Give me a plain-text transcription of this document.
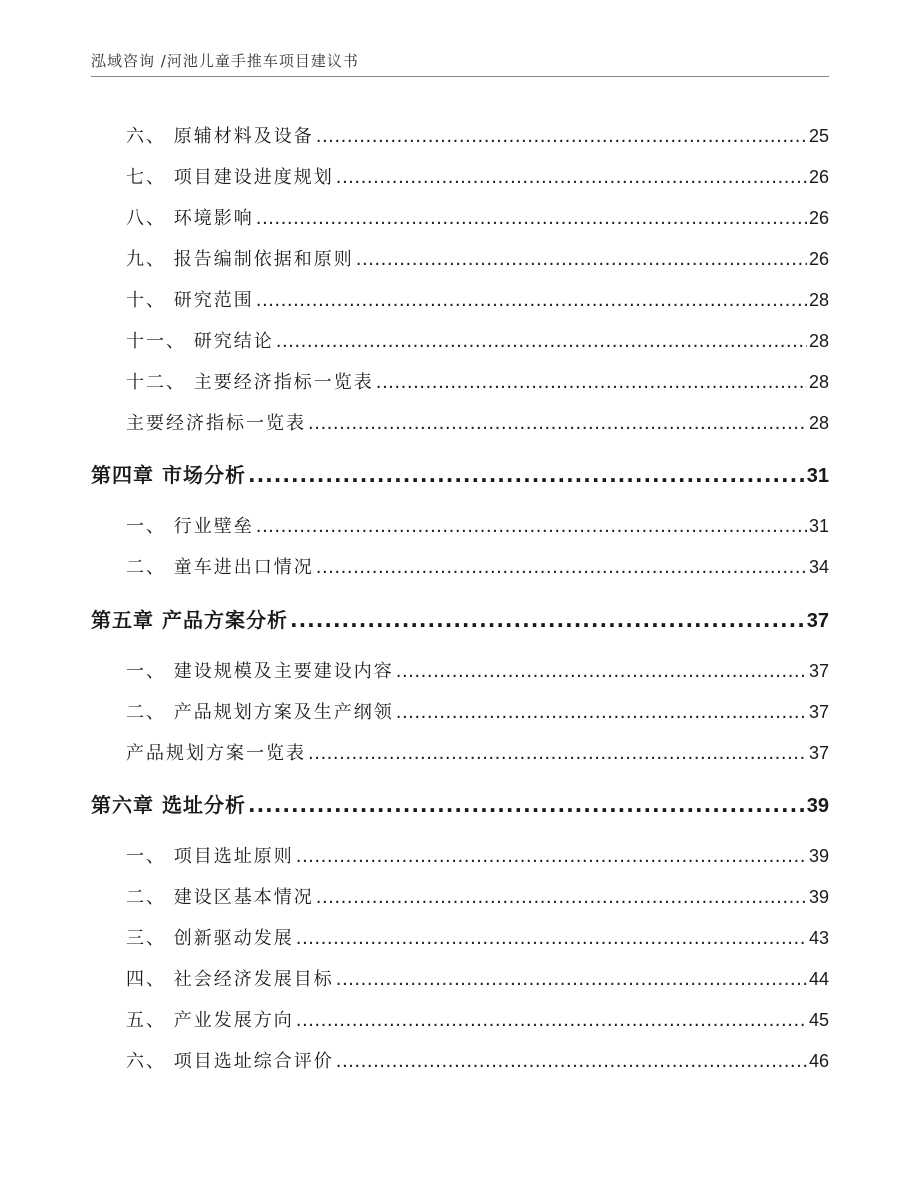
泓域咨询 /河池儿童手推车项目建议书
六、 原辅材料及设备 .....	25
七、 项目建设进度规划 .....	26
八、 环境影响 .....	26
九、 报告编制依据和原则 .....	26
十、 研究范围 .....	28
十一、 研究结论 .....	28
十二、 主要经济指标一览表 .....	28
主要经济指标一览表 .....	28
第四章 市场分析 .....	31
一、 行业壁垒 .....	31
二、 童车进出口情况 .....	34
第五章 产品方案分析 .....	37
一、 建设规模及主要建设内容 .....	37
二、 产品规划方案及生产纲领 .....	37
产品规划方案一览表 .....	37
第六章 选址分析 .....	39
一、 项目选址原则 .....	39
二、 建设区基本情况 .....	39
三、 创新驱动发展 .....	43
四、 社会经济发展目标 .....	44
五、 产业发展方向 .....	45
六、 项目选址综合评价 .....	46
